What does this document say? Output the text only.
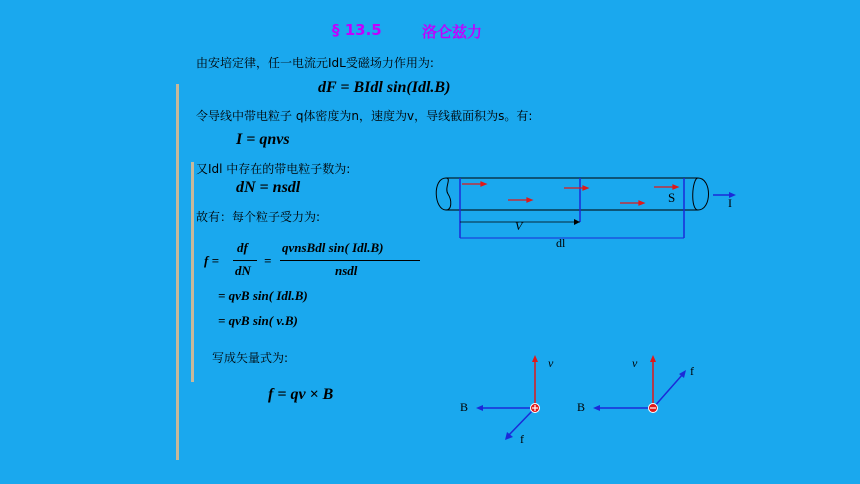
§ 13.5	洛仑兹力
由安培定律，任一电流元IdL受磁场力作用为:
dF = BIdl sin(Idl.B)
令导线中带电粒子 q体密度为n，速度为v，导线截面积为s。有:
I = qnvs
又Idl 中存在的带电粒子数为:
dN = nsdl
故有：每个粒子受力为:
f =
df
dN
=
qvnsBdl sin( Idl.B)
nsdl
= qvB sin( Idl.B)
= qvB sin( v.B)
写成矢量式为:
f = qv × B
S	I
V
dl
v
B
f
v
B
f
